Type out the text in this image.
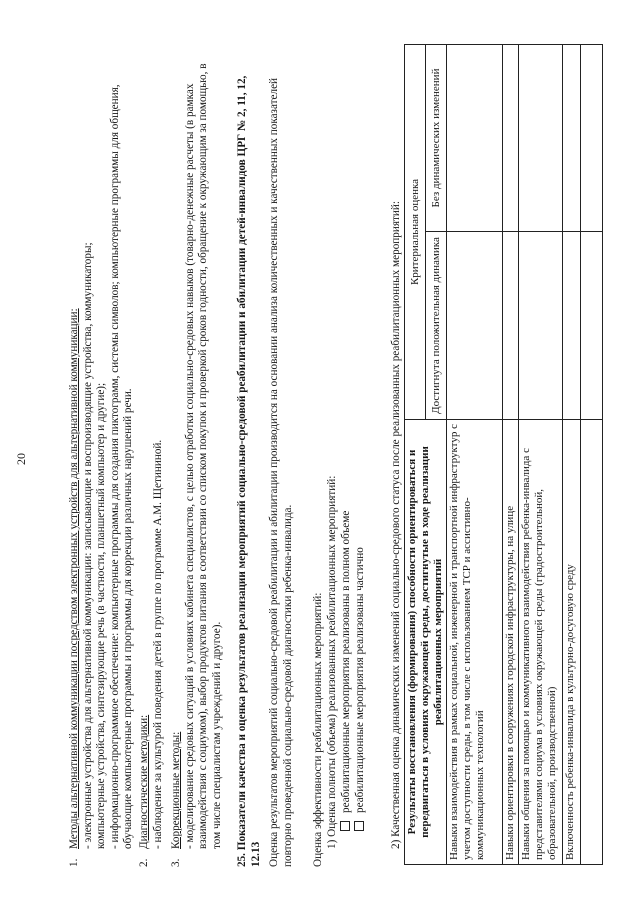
20

1.Методы альтернативной коммуникации посредством электронных устройств для альтернативной коммуникации: - электронные устройства для альтернативной коммуникации: записывающие и воспроизводящие устройства, коммуникаторы; компьютерные устройства, синтезирующие речь (в частности, планшетный компьютер и другие); - информационно-программное обеспечение: компьютерные программы для создания пиктограмм, системы символов; компьютерные программы для общения, обучающие компьютерные программы и программы для коррекции различных нарушений речи.

2.Диагностические методики: - наблюдение за культурой поведения детей в группе по программе А.М. Щетининой.

3.Коррекционные методы: - моделирование средовых ситуаций в условиях кабинета специалистов, с целью отработки социально-средовых навыков (товарно-денежные расчеты (в рамках взаимодействия с социумом), выбор продуктов питания в соответствии со списком покупок и проверкой сроков годности, обращение к окружающим за помощью, в том числе специалистам учреждений и другое). 25. Показатели качества и оценка результатов реализации мероприятий социально-средовой реабилитации и абилитации детей-инвалидов ЦРГ № 2, 11, 12, 12.13 Оценка результатов мероприятий социально-средовой реабилитации и абилитации производится на основании анализа количественных и качественных показателей повторно проведенной социально-средовой диагностики ребенка-инвалида. Оценка эффективности реабилитационных мероприятий: 1) Оценка полноты (объема) реализованных реабилитационных мероприятий: реабилитационные мероприятия реализованы в полном объеме реабилитационные мероприятия реализованы частично 2) Качественная оценка динамических изменений социально-средового статуса после реализованных реабилитационных мероприятий: Результаты восстановления (формирования) способности ориентироваться и передвигаться в условиях окружающей среды, достигнутые в ходе реализации реабилитационных мероприятий	Критериальная оценка	
	Достигнута положительная динамика	Без динамических изменений
Навыки взаимодействия в рамках социальной, инженерной и транспортной инфраструктур с учетом доступности среды, в том числе с использованием ТСР и ассистивно-коммуникационных технологий		
Навыки ориентировки в сооружениях городской инфраструктуры, на улице		
Навыки общения за помощью и коммуникативного взаимодействия ребенка-инвалида с представителями социума в условиях окружающей среды (градостроительной, образовательной, производственной)		
Включенность ребенка-инвалида в культурно-досуговую среду		
